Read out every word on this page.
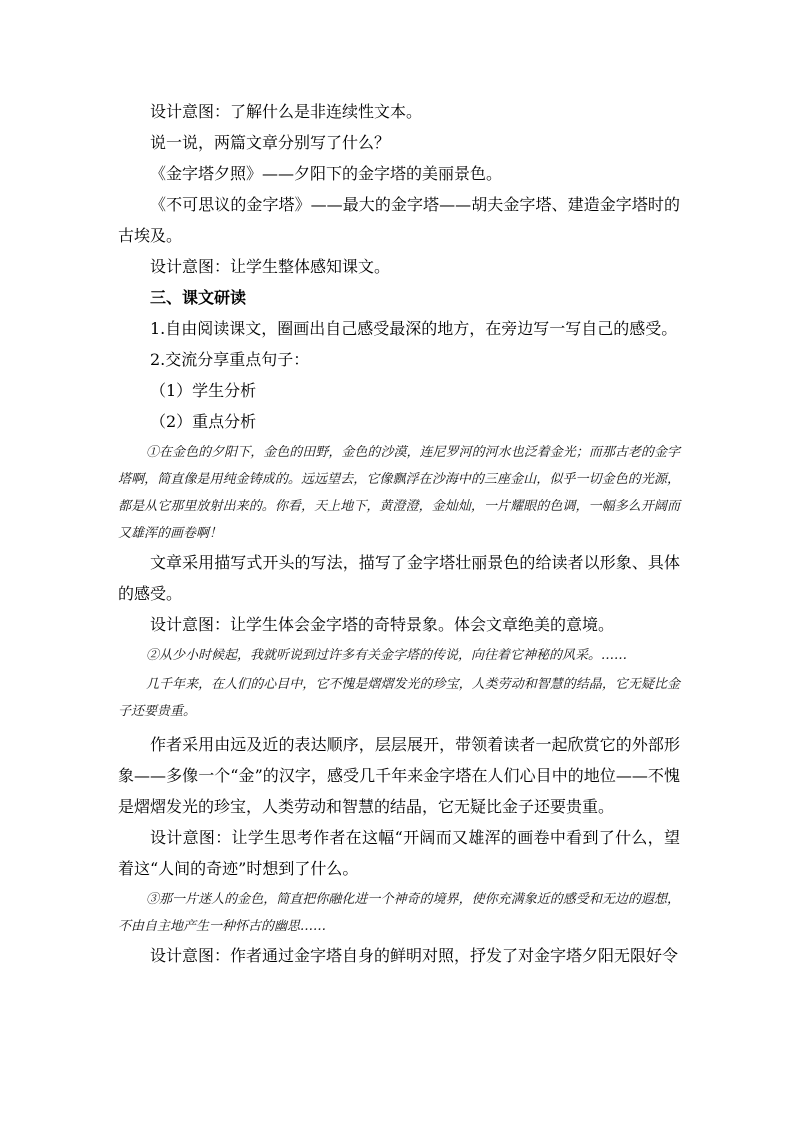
设计意图：了解什么是非连续性文本。

说一说，两篇文章分别写了什么？

《金字塔夕照》——夕阳下的金字塔的美丽景色。

《不可思议的金字塔》——最大的金字塔——胡夫金字塔、建造金字塔时的古埃及。

设计意图：让学生整体感知课文。

三、课文研读

1.自由阅读课文，圈画出自己感受最深的地方，在旁边写一写自己的感受。

2.交流分享重点句子：

（1）学生分析

（2）重点分析

①在金色的夕阳下，金色的田野，金色的沙漠，连尼罗河的河水也泛着金光；而那古老的金字塔啊，简直像是用纯金铸成的。远远望去，它像飘浮在沙海中的三座金山，似乎一切金色的光源，都是从它那里放射出来的。你看，天上地下，黄澄澄，金灿灿，一片耀眼的色调，一幅多么开阔而又雄浑的画卷啊！

文章采用描写式开头的写法，描写了金字塔壮丽景色的给读者以形象、具体的感受。

设计意图：让学生体会金字塔的奇特景象。体会文章绝美的意境。

②从少小时候起，我就听说到过许多有关金字塔的传说，向往着它神秘的风采。……

几千年来，在人们的心目中，它不愧是熠熠发光的珍宝，人类劳动和智慧的结晶，它无疑比金子还要贵重。

作者采用由远及近的表达顺序，层层展开，带领着读者一起欣赏它的外部形象——多像一个“金”的汉字，感受几千年来金字塔在人们心目中的地位——不愧是熠熠发光的珍宝，人类劳动和智慧的结晶，它无疑比金子还要贵重。

设计意图：让学生思考作者在这幅“开阔而又雄浑的画卷中看到了什么，望着这“人间的奇迹”时想到了什么。

③那一片迷人的金色，简直把你融化进一个神奇的境界，使你充满象近的感受和无边的遐想，不由自主地产生一种怀古的幽思……

设计意图：作者通过金字塔自身的鲜明对照，抒发了对金字塔夕阳无限好令
